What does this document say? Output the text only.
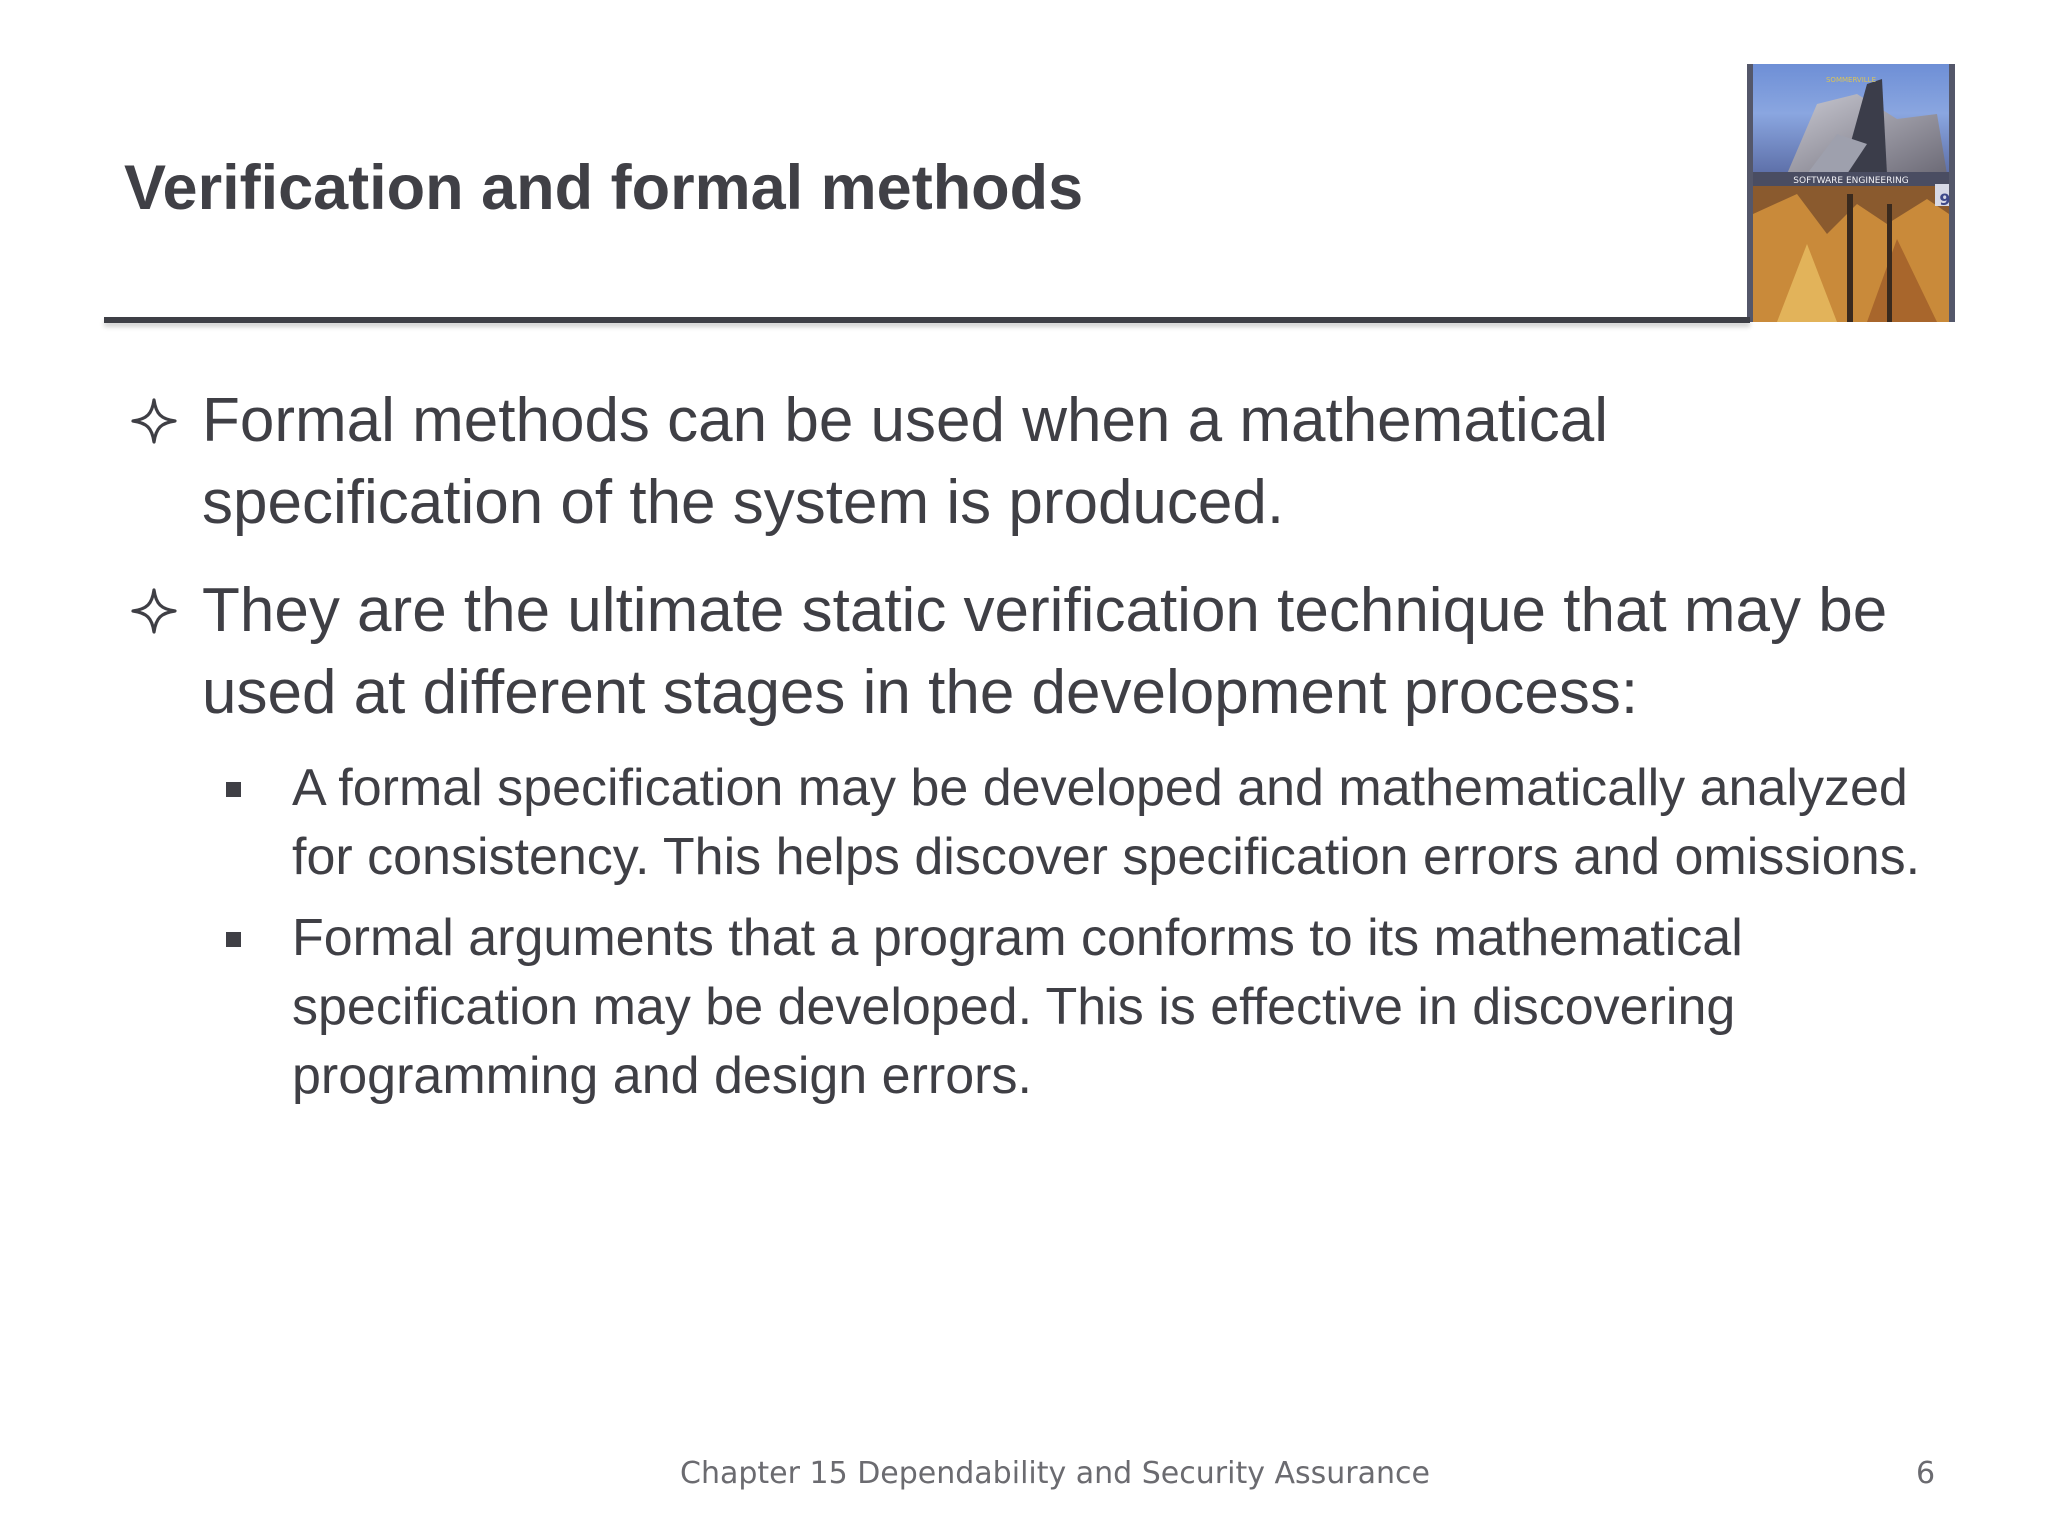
Verification and formal methods
SOMMERVILLE
SOFTWARE ENGINEERING
9
Formal methods can be used when a mathematical specification of the system is produced.
They are the ultimate static verification technique that may be used at different stages in the development process:
A formal specification may be developed and mathematically analyzed for consistency. This helps discover specification errors and omissions.
Formal arguments that a program conforms to its mathematical specification may be developed. This is effective in discovering programming and design errors.
Chapter 15 Dependability and Security Assurance	6
